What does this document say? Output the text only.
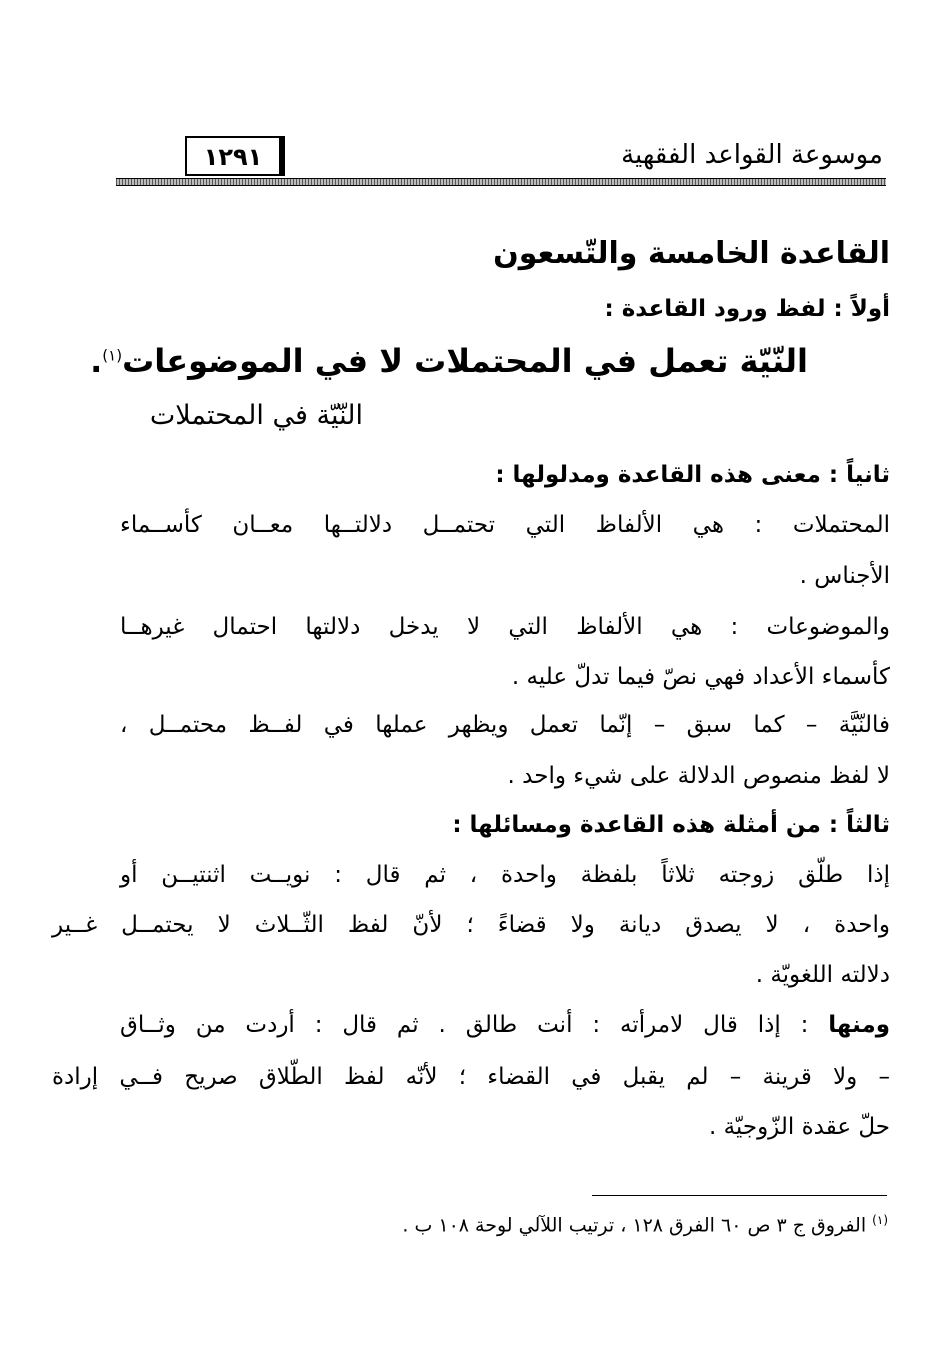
موسوعة القواعد الفقهية
١٢٩١
القاعدة الخامسة والتّسعون
أولاً : لفظ ورود القاعدة :
النّيّة تعمل في المحتملات لا في الموضوعات$^{(١)}$.
النّيّة في المحتملات
ثانياً : معنى هذه القاعدة ومدلولها :
المحتملات : هي الألفاظ التي تحتمــل دلالتــها معــان كأســماء
الأجناس .
والموضوعات : هي الألفاظ التي لا يدخل دلالتها احتمال غيرهــا
كأسماء الأعداد فهي نصّ فيما تدلّ عليه .
فالنّيَّة – كما سبق – إنّما تعمل ويظهر عملها في لفــظ محتمــل ،
لا لفظ منصوص الدلالة على شيء واحد .
ثالثاً : من أمثلة هذه القاعدة ومسائلها :
إذا طلّق زوجته ثلاثاً بلفظة واحدة ، ثم قال : نويــت اثنتيــن أو
واحدة ، لا يصدق ديانة ولا قضاءً ؛ لأنّ لفظ الثّــلاث لا يحتمــل غــير
دلالته اللغويّة .
ومنها : إذا قال لامرأته : أنت طالق . ثم قال : أردت من وثــاق
– ولا قرينة – لم يقبل في القضاء ؛ لأنّه لفظ الطّلاق صريح فــي إرادة
حلّ عقدة الزّوجيّة .
$^{(١)}$ الفروق ج ٣ ص ٦٠ الفرق ١٢٨ ، ترتيب اللآلي لوحة ١٠٨ ب .
